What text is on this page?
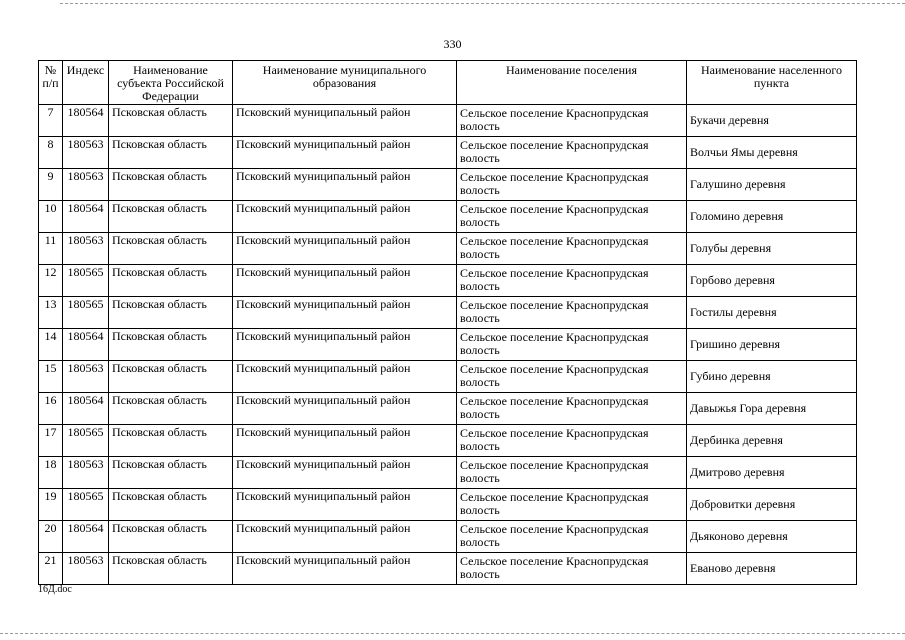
330
№ п/п	Индекс	Наименование субъекта Российской Федерации	Наименование муниципального образования	Наименование поселения	Наименование населенного пункта
7	180564	Псковская область	Псковский муниципальный район	Сельское поселение Краснопрудская
волость	Букачи деревня
8	180563	Псковская область	Псковский муниципальный район	Сельское поселение Краснопрудская
волость	Волчьи Ямы деревня
9	180563	Псковская область	Псковский муниципальный район	Сельское поселение Краснопрудская
волость	Галушино деревня
10	180564	Псковская область	Псковский муниципальный район	Сельское поселение Краснопрудская
волость	Голомино деревня
11	180563	Псковская область	Псковский муниципальный район	Сельское поселение Краснопрудская
волость	Голубы деревня
12	180565	Псковская область	Псковский муниципальный район	Сельское поселение Краснопрудская
волость	Горбово деревня
13	180565	Псковская область	Псковский муниципальный район	Сельское поселение Краснопрудская
волость	Гостилы деревня
14	180564	Псковская область	Псковский муниципальный район	Сельское поселение Краснопрудская
волость	Гришино деревня
15	180563	Псковская область	Псковский муниципальный район	Сельское поселение Краснопрудская
волость	Губино деревня
16	180564	Псковская область	Псковский муниципальный район	Сельское поселение Краснопрудская
волость	Давыжья Гора деревня
17	180565	Псковская область	Псковский муниципальный район	Сельское поселение Краснопрудская
волость	Дербинка деревня
18	180563	Псковская область	Псковский муниципальный район	Сельское поселение Краснопрудская
волость	Дмитрово деревня
19	180565	Псковская область	Псковский муниципальный район	Сельское поселение Краснопрудская
волость	Добровитки деревня
20	180564	Псковская область	Псковский муниципальный район	Сельское поселение Краснопрудская
волость	Дьяконово деревня
21	180563	Псковская область	Псковский муниципальный район	Сельское поселение Краснопрудская
волость	Еваново деревня
16Д.doc
